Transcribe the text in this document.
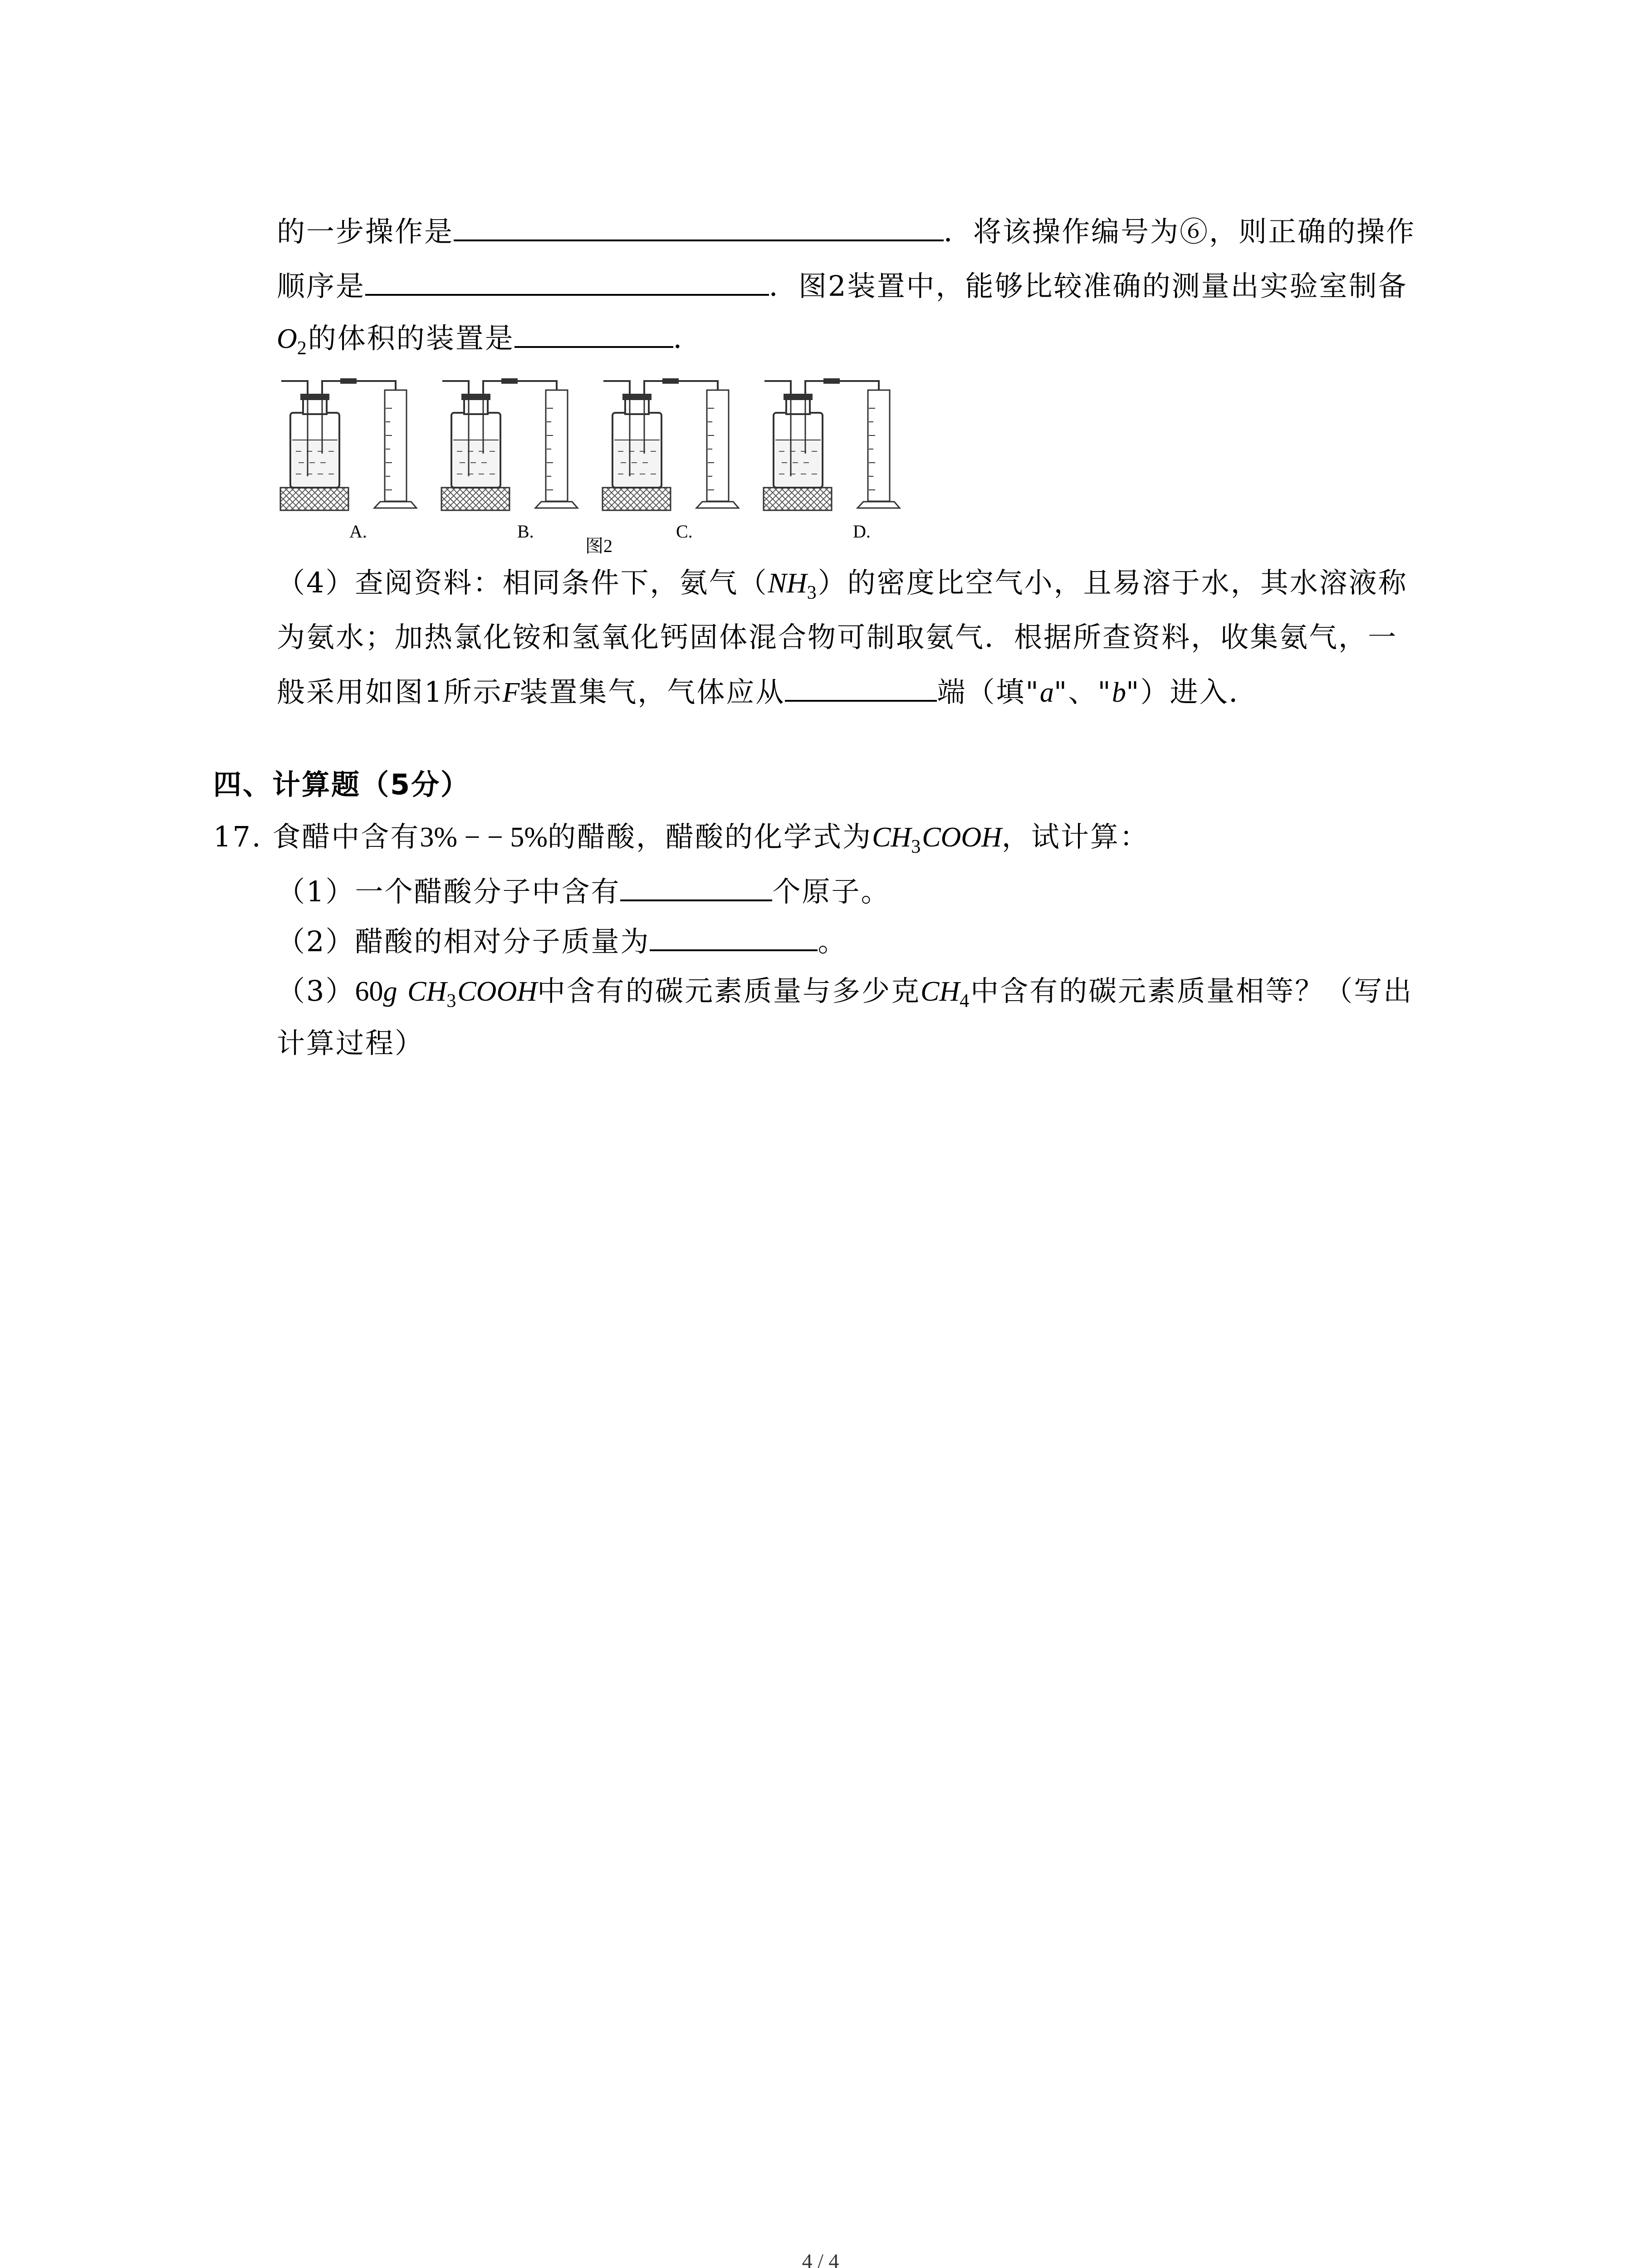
的一步操作是	．将该操作编号为⑥，则正确的操作
顺序是	．图2装置中，能够比较准确的测量出实验室制备
$O_2$的体积的装置是	．
A.	B.	C.	D.
图2
（4）查阅资料：相同条件下，氨气$(NH_3)$的密度比空气小，且易溶于水，其水溶液称
为氨水；加热氯化铵和氢氧化钙固体混合物可制取氨气．根据所查资料，收集氨气，一
般采用如图1所示F装置集气，气体应从	端（填"a"、"b"）进入．
四、计算题（5分）
17. 食醋中含有3% − − 5%的醋酸，醋酸的化学式为$CH_3COOH$，试计算：
（1）一个醋酸分子中含有	个原子。
（2）醋酸的相对分子质量为	。
（3）60g $CH_3COOH$中含有的碳元素质量与多少克$CH_4$中含有的碳元素质量相等？（写出
计算过程）
4 / 4
